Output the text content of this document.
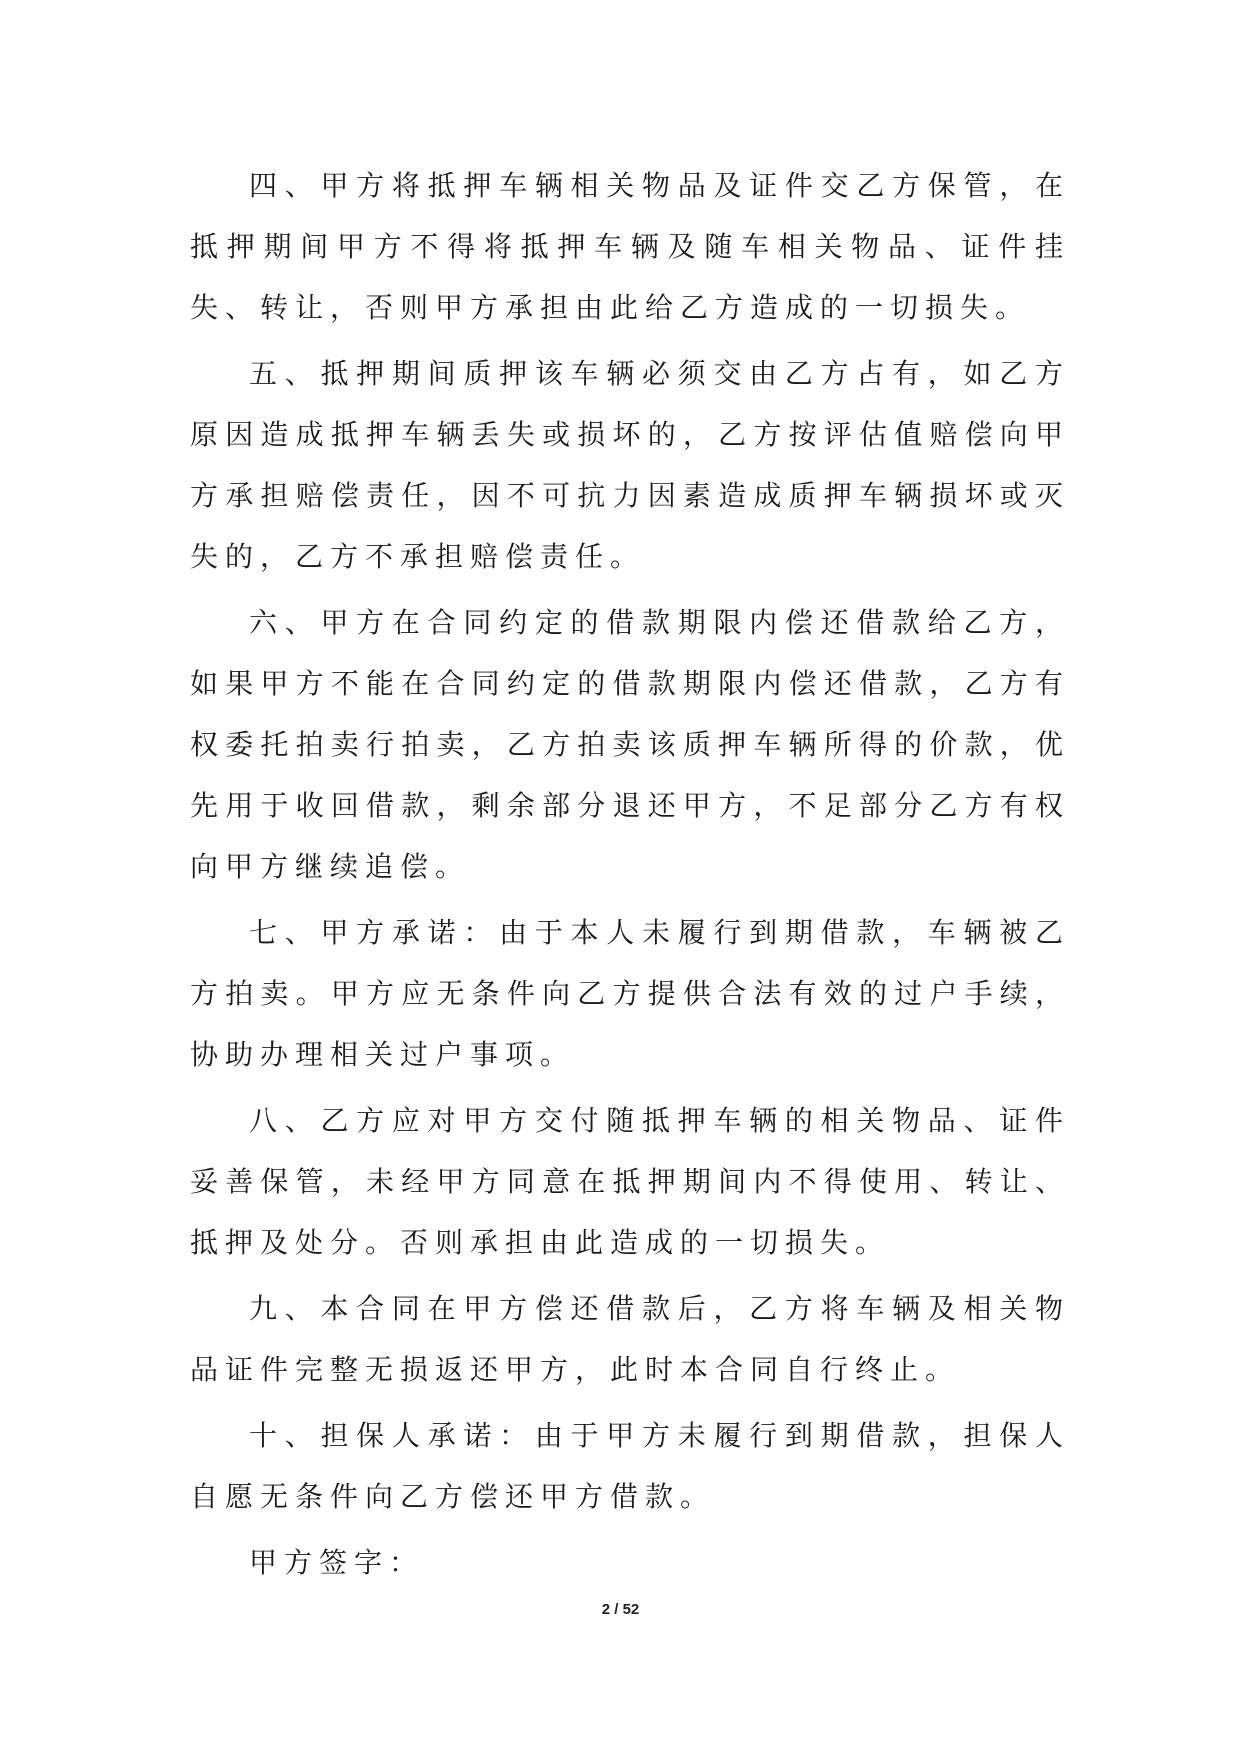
四、甲方将抵押车辆相关物品及证件交乙方保管，在抵押期间甲方不得将抵押车辆及随车相关物品、证件挂失、转让，否则甲方承担由此给乙方造成的一切损失。

五、抵押期间质押该车辆必须交由乙方占有，如乙方原因造成抵押车辆丢失或损坏的，乙方按评估值赔偿向甲方承担赔偿责任，因不可抗力因素造成质押车辆损坏或灭失的，乙方不承担赔偿责任。

六、甲方在合同约定的借款期限内偿还借款给乙方，如果甲方不能在合同约定的借款期限内偿还借款，乙方有权委托拍卖行拍卖，乙方拍卖该质押车辆所得的价款，优先用于收回借款，剩余部分退还甲方，不足部分乙方有权向甲方继续追偿。

七、甲方承诺：由于本人未履行到期借款，车辆被乙方拍卖。甲方应无条件向乙方提供合法有效的过户手续，协助办理相关过户事项。

八、乙方应对甲方交付随抵押车辆的相关物品、证件妥善保管，未经甲方同意在抵押期间内不得使用、转让、抵押及处分。否则承担由此造成的一切损失。

九、本合同在甲方偿还借款后，乙方将车辆及相关物品证件完整无损返还甲方，此时本合同自行终止。

十、担保人承诺：由于甲方未履行到期借款，担保人自愿无条件向乙方偿还甲方借款。

甲方签字：

2 / 52
